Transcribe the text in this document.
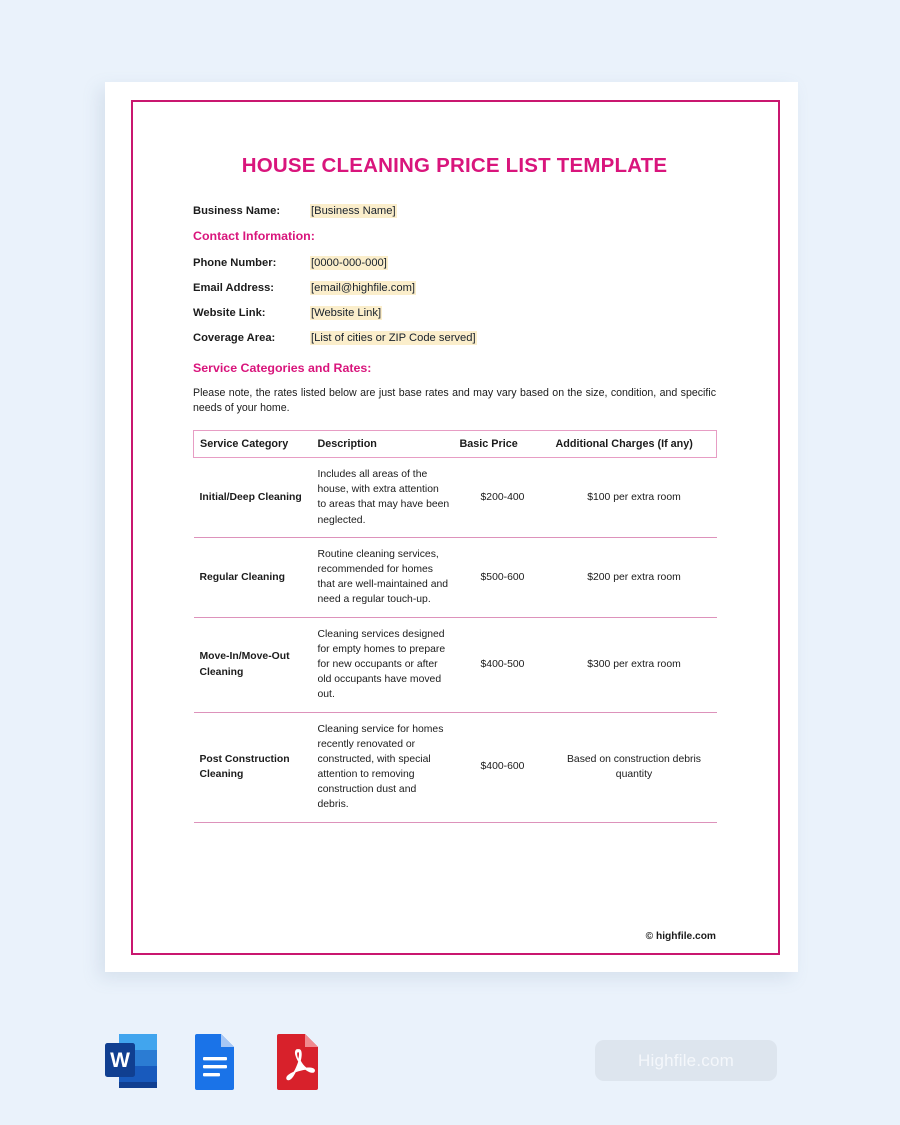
HOUSE CLEANING PRICE LIST TEMPLATE
Business Name:	[Business Name]
Contact Information:
Phone Number:	[0000-000-000]
Email Address:	[email@highfile.com]
Website Link:	[Website Link]
Coverage Area:	[List of cities or ZIP Code served]
Service Categories and Rates:
Please note, the rates listed below are just base rates and may vary based on the size, condition, and specific needs of your home.
Service Category	Description	Basic Price	Additional Charges (If any)
Initial/Deep Cleaning	Includes all areas of the house, with extra attention to areas that may have been neglected.	$200-400	$100 per extra room
Regular Cleaning	Routine cleaning services, recommended for homes that are well-maintained and need a regular touch-up.	$500-600	$200 per extra room
Move-In/Move-Out Cleaning	Cleaning services designed for empty homes to prepare for new occupants or after old occupants have moved out.	$400-500	$300 per extra room
Post Construction Cleaning	Cleaning service for homes recently renovated or constructed, with special attention to removing construction dust and debris.	$400-600	Based on construction debris quantity
© highfile.com
W	Highfile.com
